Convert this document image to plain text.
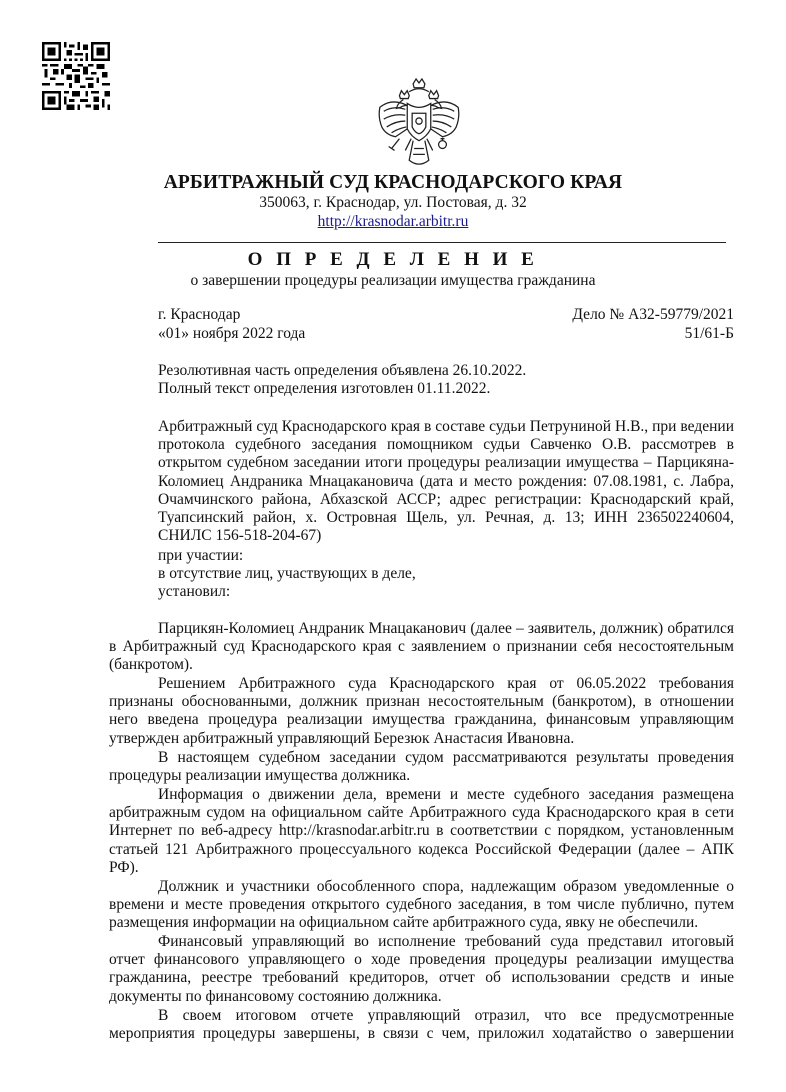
АРБИТРАЖНЫЙ СУД КРАСНОДАРСКОГО КРАЯ
350063, г. Краснодар, ул. Постовая, д. 32
http://krasnodar.arbitr.ru
О П Р Е Д Е Л Е Н И Е
о завершении процедуры реализации имущества гражданина
г. Краснодар	Дело № А32-59779/2021
«01» ноября 2022 года	51/61-Б
Резолютивная часть определения объявлена 26.10.2022.
Полный текст определения изготовлен 01.11.2022.
Арбитражный суд Краснодарского края в составе судьи Петруниной Н.В., при ведении протокола судебного заседания помощником судьи Савченко О.В. рассмотрев в открытом судебном заседании итоги процедуры реализации имущества – Парцикяна-Коломиец Андраника Мнацакановича (дата и место рождения: 07.08.1981, с. Лабра, Очамчинского района, Абхазской АССР; адрес регистрации: Краснодарский край, Туапсинский район, х. Островная Щель, ул. Речная, д. 13; ИНН 236502240604, СНИЛС 156-518-204-67)
при участии:
в отсутствие лиц, участвующих в деле,
установил:
Парцикян-Коломиец Андраник Мнацаканович (далее – заявитель, должник) обратился в Арбитражный суд Краснодарского края с заявлением о признании себя несостоятельным (банкротом).
Решением Арбитражного суда Краснодарского края от 06.05.2022 требования признаны обоснованными, должник признан несостоятельным (банкротом), в отношении него введена процедура реализации имущества гражданина, финансовым управляющим утвержден арбитражный управляющий Березюк Анастасия Ивановна.
В настоящем судебном заседании судом рассматриваются результаты проведения процедуры реализации имущества должника.
Информация о движении дела, времени и месте судебного заседания размещена арбитражным судом на официальном сайте Арбитражного суда Краснодарского края в сети Интернет по веб-адресу http://krasnodar.arbitr.ru в соответствии с порядком, установленным статьей 121 Арбитражного процессуального кодекса Российской Федерации (далее – АПК РФ).
Должник и участники обособленного спора, надлежащим образом уведомленные о времени и месте проведения открытого судебного заседания, в том числе публично, путем размещения информации на официальном сайте арбитражного суда, явку не обеспечили.
Финансовый управляющий во исполнение требований суда представил итоговый отчет финансового управляющего о ходе проведения процедуры реализации имущества гражданина, реестре требований кредиторов, отчет об использовании средств и иные документы по финансовому состоянию должника.
В своем итоговом отчете управляющий отразил, что все предусмотренные мероприятия процедуры завершены, в связи с чем, приложил ходатайство о завершении
